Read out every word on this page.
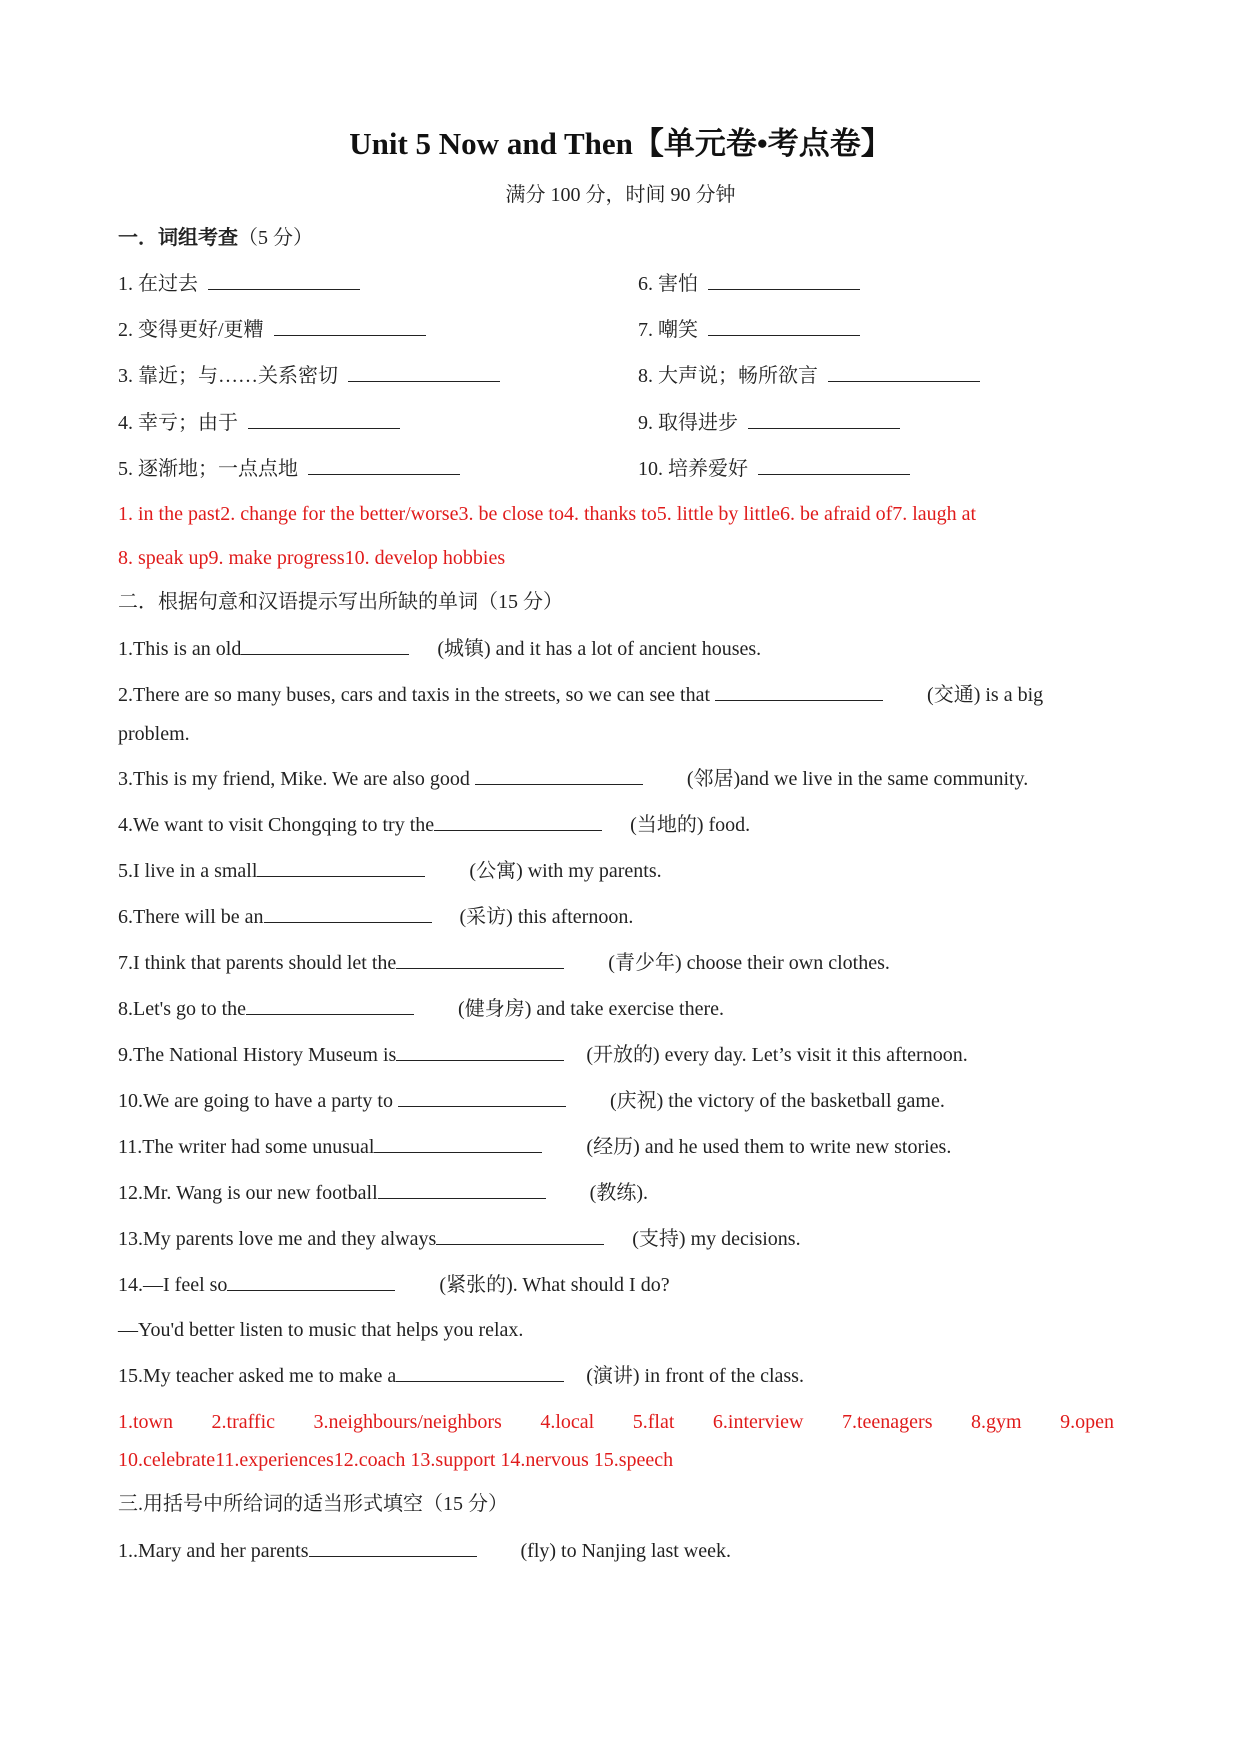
Unit 5 Now and Then【单元卷•考点卷】
满分 100 分，时间 90 分钟
一．词组考查（5 分）
1. 在过去
2. 变得更好/更糟
3. 靠近；与……关系密切
4. 幸亏；由于
5. 逐渐地；一点点地
6. 害怕
7. 嘲笑
8. 大声说；畅所欲言
9. 取得进步
10. 培养爱好
1. in the past2. change for the better/worse3. be close to4. thanks to5. little by little6. be afraid of7. laugh at
8. speak up9. make progress10. develop hobbies
二．根据句意和汉语提示写出所缺的单词（15 分）
1.This is an old	(城镇) and it has a lot of ancient houses.
2.There are so many buses, cars and taxis in the streets, so we can see that	(交通) is a big
problem.
3.This is my friend, Mike. We are also good	(邻居)and we live in the same community.
4.We want to visit Chongqing to try the	(当地的) food.
5.I live in a small	(公寓) with my parents.
6.There will be an	(采访) this afternoon.
7.I think that parents should let the	(青少年) choose their own clothes.
8.Let's go to the	(健身房) and take exercise there.
9.The National History Museum is	(开放的) every day. Let’s visit it this afternoon.
10.We are going to have a party to	(庆祝) the victory of the basketball game.
11.The writer had some unusual	(经历) and he used them to write new stories.
12.Mr. Wang is our new football	(教练).
13.My parents love me and they always	(支持) my decisions.
14.—I feel so	(紧张的). What should I do?
—You'd better listen to music that helps you relax.
15.My teacher asked me to make a	(演讲) in front of the class.
1.town 2.traffic 3.neighbours/neighbors 4.local 5.flat 6.interview 7.teenagers 8.gym 9.open
10.celebrate11.experiences12.coach 13.support 14.nervous 15.speech
三.用括号中所给词的适当形式填空（15 分）
1..Mary and her parents	(fly) to Nanjing last week.
